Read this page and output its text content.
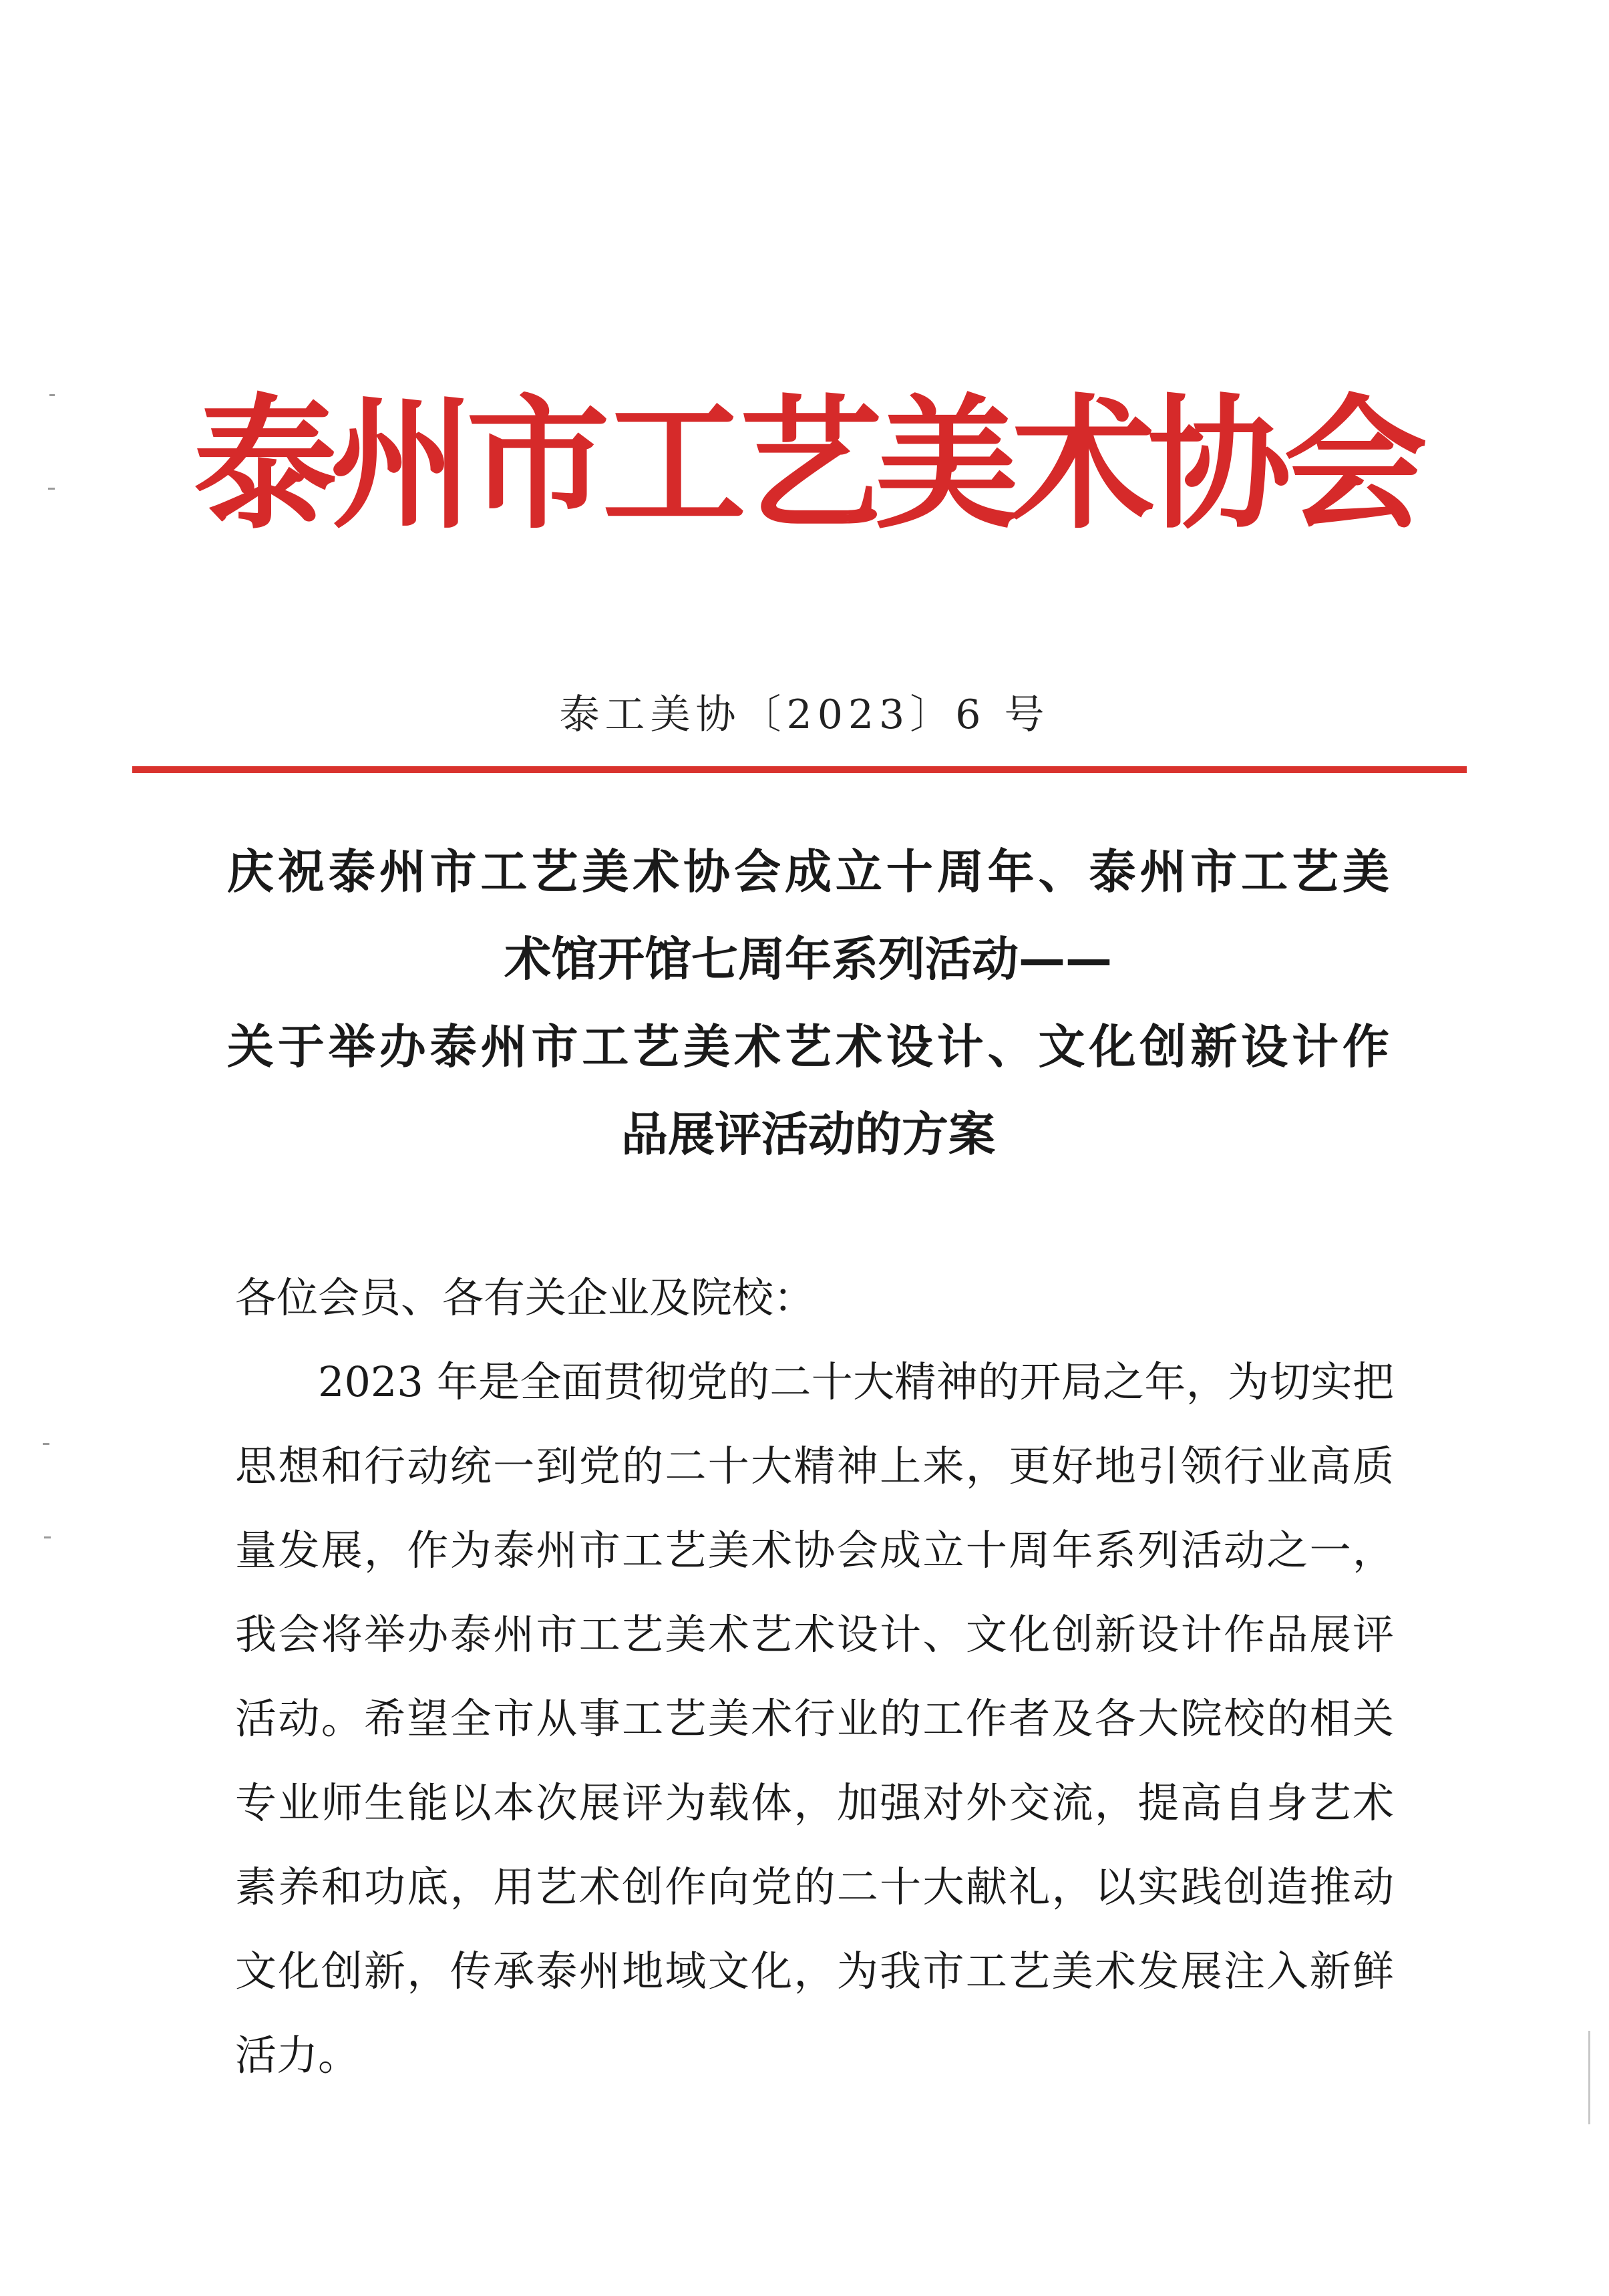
泰
州
市
工
艺
美
术
协
会
泰工美协〔2023〕6 号
庆祝泰州市工艺美术协会成立十周年、泰州市工艺美
术馆开馆七周年系列活动——
关于举办泰州市工艺美术艺术设计、文化创新设计作
品展评活动的方案
各位会员、各有关企业及院校：

2023 年是全面贯彻党的二十大精神的开局之年，为切实把思想和行动统一到党的二十大精神上来，更好地引领行业高质量发展，作为泰州市工艺美术协会成立十周年系列活动之一，我会将举办泰州市工艺美术艺术设计、文化创新设计作品展评活动。希望全市从事工艺美术行业的工作者及各大院校的相关专业师生能以本次展评为载体，加强对外交流，提高自身艺术素养和功底，用艺术创作向党的二十大献礼，以实践创造推动文化创新，传承泰州地域文化，为我市工艺美术发展注入新鲜活力。
